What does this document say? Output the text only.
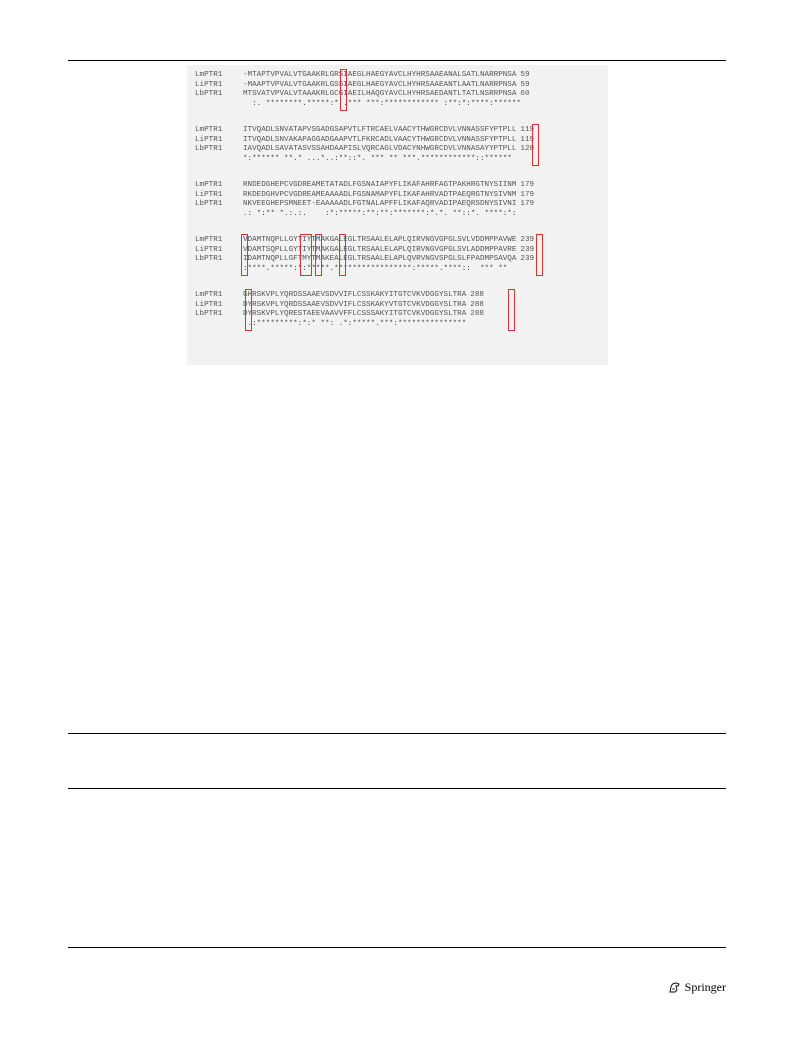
LmPTR1	-MTAPTVPVALVTGAAKRLGRSIAEGLHAEGYAVCLHYHRSAAEANALSATLNARRPNSA 59
LiPTR1	-MAAPTVPVALVTGAAKRLGSSIAEGLHAEGYAVCLHYHRSAAEANTLAATLNARRPNSA 59
LbPTR1	MTSVATVPVALVTAAAKRLGCGIAEILHAQGYAVCLHYHRSAEDANTLTATLNSRRPNSA 60
:. ********.*****:* .*** ***:************ :**:*:****:******
LmPTR1	ITVQADLSNVATAPVSGADGSAPVTLFTRCAELVAACYTHWGRCDVLVNNASSFYPTPLL 119
LiPTR1	ITVQADLSNVAKAPAGGADGAAPVTLFKRCADLVAACYTHWGRCDVLVNNASSFYPTPLL 119
LbPTR1	IAVQADLSAVATASVSSAHDAAPISLVQRCAGLVDACYNHWGRCDVLVNNASAYYPTPLL 120
*:****** **.* ...*..:**::*. *** ** ***.************::******
LmPTR1	RNDEDGHEPCVGDREAMETATADLFGSNAIAPYFLIKAFAHRFAGTPAKHRGTNYSIINM 179
LiPTR1	RKDEDGHVPCVGDREAMEAAAADLFGSNAMAPYFLIKAFAHRVADTPAEQRGTNYSIVNM 179
LbPTR1	NKVEEGHEPSMNEET-EAAAAADLFGTNALAPFFLIKAFAQRVADIPAEQRSDNYSIVNI 179
.: *:** *.:.:.    :*:*****:**:**:*******:*.*. **::*. ****:*:
LmPTR1	VDAMTNQPLLGYTIYTMAKGALEGLTRSAALELAPLQIRVNGVGPGLSVLVDDMPPAVWE 239
LiPTR1	VDAMTSQPLLGYTIYTMAKGALEGLTRSAALELAPLQIRVNGVGPGLSVLADDMPPAVRE 239
LbPTR1	IDAMTNQPLLGFTMYTMAKEALEGLTRSAALELAPLQVRVNGVSPGLSLFPADMPSAVQA 239
:****.*****:*:*****.*****************:*****.****::  *** **
LmPTR1	GHRSKVPLYQRDSSAAEVSDVVIFLCSSKAKYITGTCVKVDGGYSLTRA 288
LiPTR1	DYRSKVPLYQRDSSAAEVSDVVIFLCSSKAKYVTGTCVKVDGGYSLTRA 288
LbPTR1	DYRSKVPLYQRESTAEEVAAVVFFLCSSSAKYITGTCVKVDGGYSLTRA 288
.:*********:*:* **: .*:*****.***:***************
Springer
